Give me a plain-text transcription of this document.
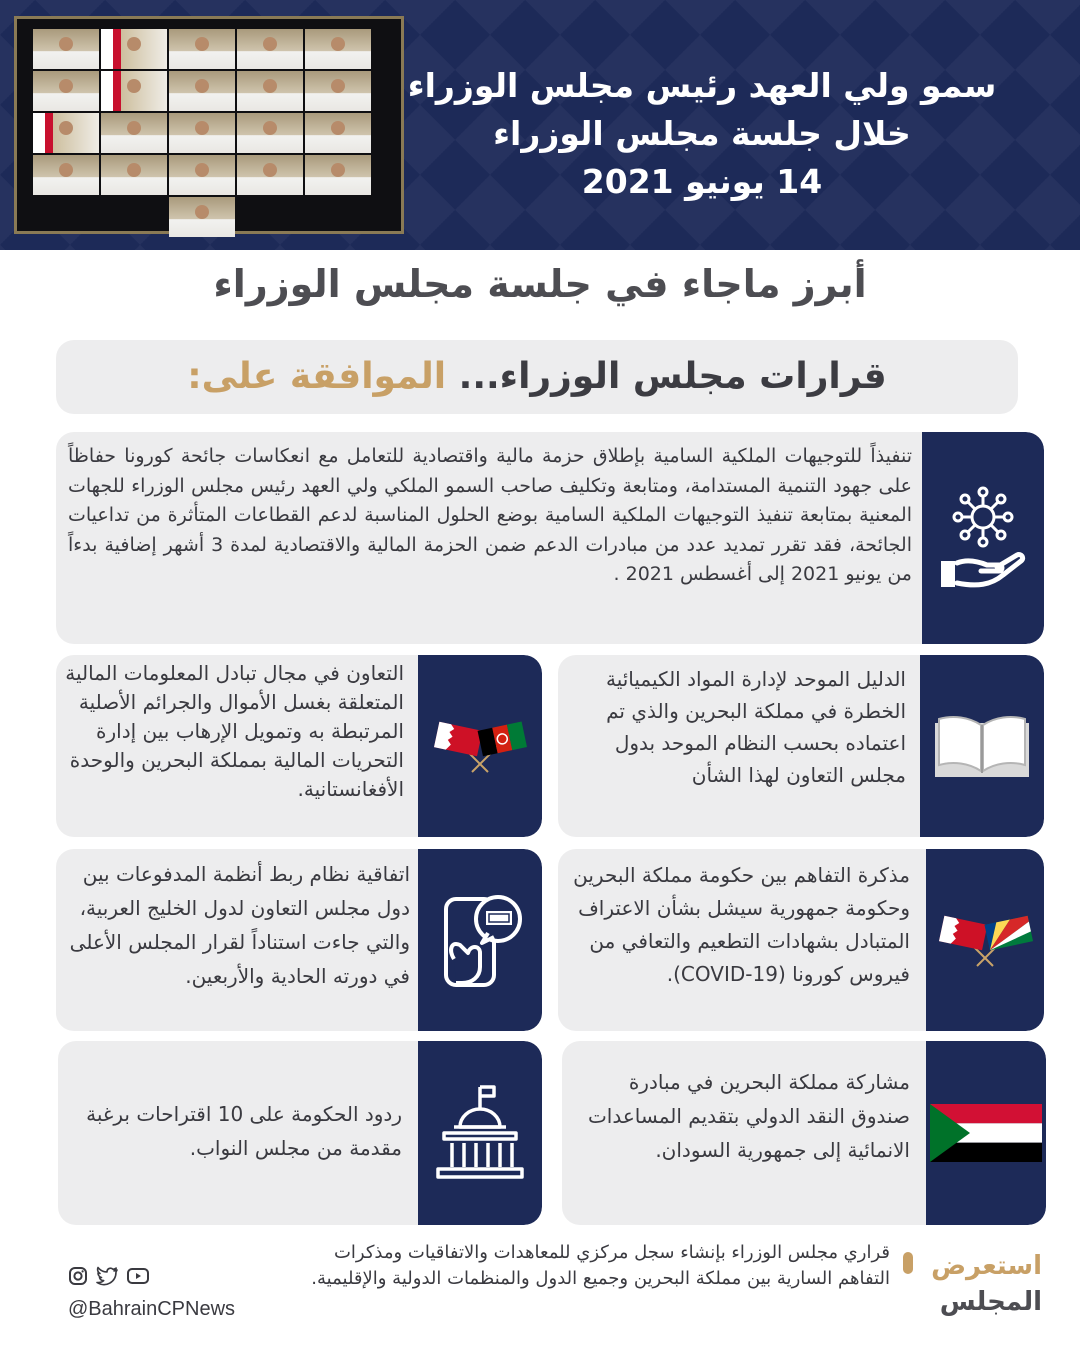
سمو ولي العهد رئيس مجلس الوزراء
خلال جلسة مجلس الوزراء
14 يونيو 2021
أبرز ماجاء في جلسة مجلس الوزراء
قرارات مجلس الوزراء... الموافقة على:
تنفيذاً للتوجيهات الملكية السامية بإطلاق حزمة مالية واقتصادية للتعامل مع انعكاسات جائحة كورونا حفاظاً على جهود التنمية المستدامة، ومتابعة وتكليف صاحب السمو الملكي ولي العهد رئيس مجلس الوزراء للجهات المعنية بمتابعة تنفيذ التوجيهات الملكية السامية بوضع الحلول المناسبة لدعم القطاعات المتأثرة من تداعيات الجائحة، فقد تقرر تمديد عدد من مبادرات الدعم ضمن الحزمة المالية والاقتصادية لمدة 3 أشهر إضافية بدءاً من يونيو 2021 إلى أغسطس 2021 .
الدليل الموحد لإدارة المواد الكيميائية الخطرة في مملكة البحرين والذي تم اعتماده بحسب النظام الموحد بدول مجلس التعاون لهذا الشأن
التعاون في مجال تبادل المعلومات المالية المتعلقة بغسل الأموال والجرائم الأصلية المرتبطة به وتمويل الإرهاب بين إدارة التحريات المالية بمملكة البحرين والوحدة الأفغانستانية.
مذكرة التفاهم بين حكومة مملكة البحرين وحكومة جمهورية سيشل بشأن الاعتراف المتبادل بشهادات التطعيم والتعافي من فيروس كورونا (COVID-19).
اتفاقية نظام ربط أنظمة المدفوعات بين دول مجلس التعاون لدول الخليج العربية، والتي جاءت استناداً لقرار المجلس الأعلى في دورته الحادية والأربعين.
مشاركة مملكة البحرين في مبادرة صندوق النقد الدولي بتقديم المساعدات الانمائية إلى جمهورية السودان.
ردود الحكومة على 10 اقتراحات برغبة مقدمة من مجلس النواب.
استعرض
المجلس
قراري مجلس الوزراء بإنشاء سجل مركزي للمعاهدات والاتفاقيات ومذكرات التفاهم السارية بين مملكة البحرين وجميع الدول والمنظمات الدولية والإقليمية.
@BahrainCPNews
